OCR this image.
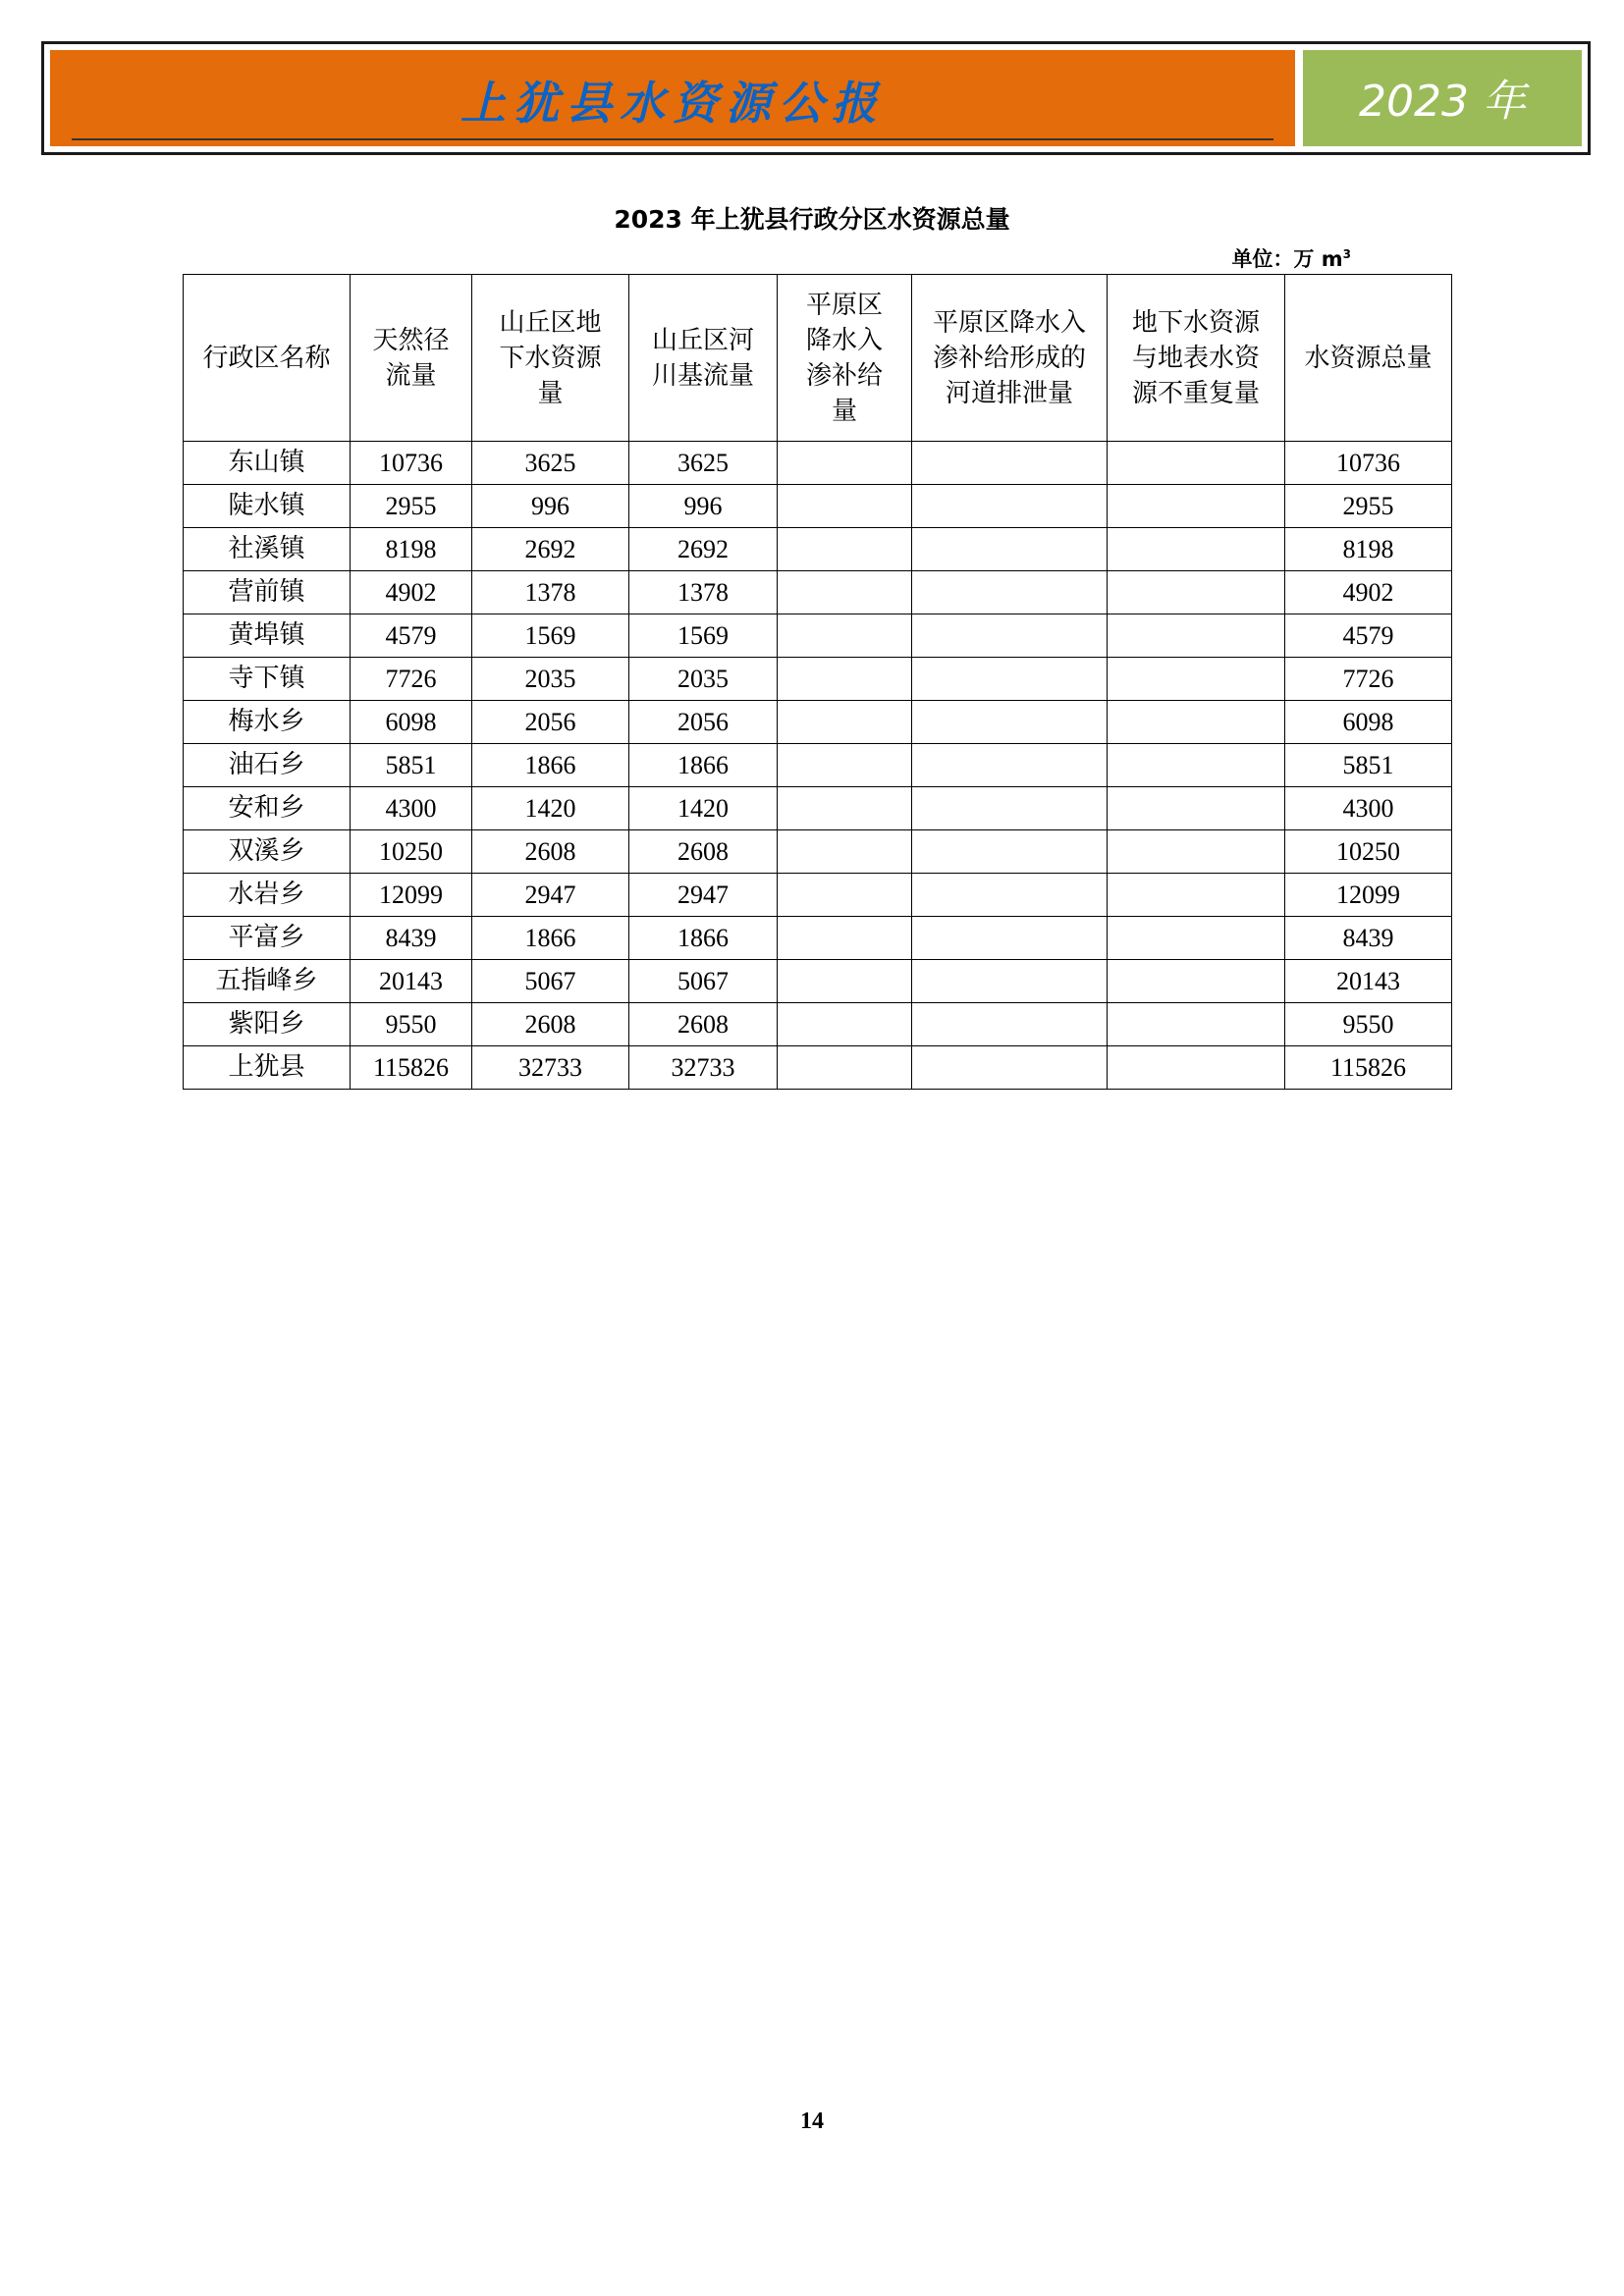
上犹县水资源公报	2023 年
2023 年上犹县行政分区水资源总量
单位：万 $m^3$
行政区名称	天然径流量	山丘区地下水资源量	山丘区河川基流量	平原区降水入渗补给量	平原区降水入渗补给形成的河道排泄量	地下水资源与地表水资源不重复量	水资源总量

东山镇	10736	3625	3625				10736
陡水镇	2955	996	996				2955
社溪镇	8198	2692	2692				8198
营前镇	4902	1378	1378				4902
黄埠镇	4579	1569	1569				4579
寺下镇	7726	2035	2035				7726
梅水乡	6098	2056	2056				6098
油石乡	5851	1866	1866				5851
安和乡	4300	1420	1420				4300
双溪乡	10250	2608	2608				10250
水岩乡	12099	2947	2947				12099
平富乡	8439	1866	1866				8439
五指峰乡	20143	5067	5067				20143
紫阳乡	9550	2608	2608				9550
上犹县	115826	32733	32733				115826
14
